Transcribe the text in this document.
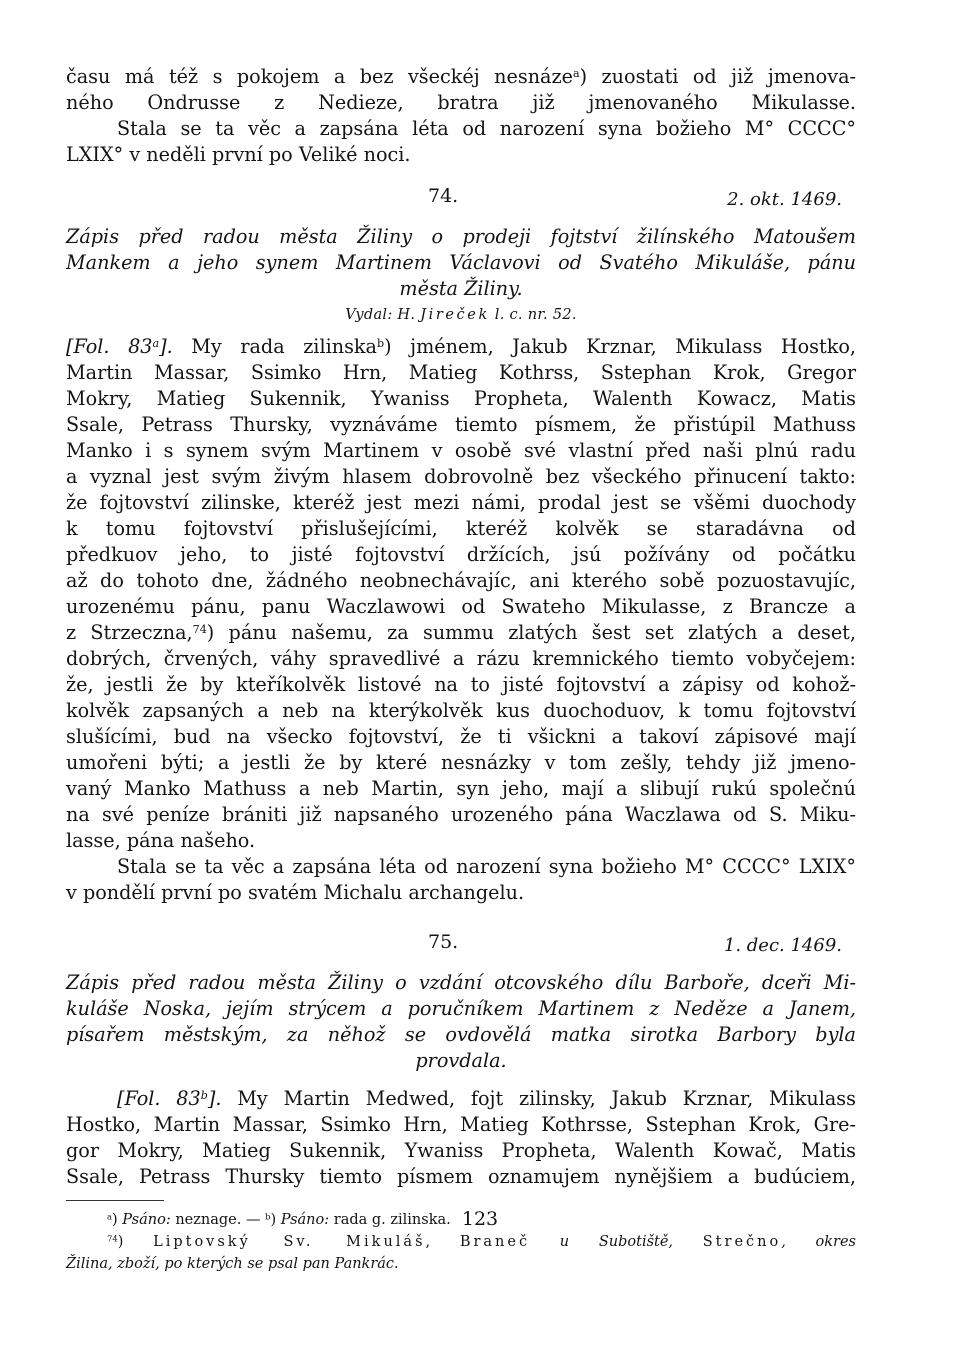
času má též s pokojem a bez všeckéj nesnáze$^a$) zuostati od již jmenova-
ného Ondrusse z Nedieze, bratra již jmenovaného Mikulasse.
Stala se ta věc a zapsána léta od narození syna božieho M° CCCC°
LXIX° v neděli první po Veliké noci.
74.	2. okt. 1469.
Zápis před radou města Žiliny o prodeji fojtství žilínského Matoušem
Mankem a jeho synem Martinem Václavovi od Svatého Mikuláše, pánu
města Žiliny.
Vydal: H. Jireček l. c. nr. 52.
[Fol. 83$^a$]. My rada zilinska$^b$) jménem, Jakub Krznar, Mikulass Hostko,
Martin Massar, Ssimko Hrn, Matieg Kothrss, Sstephan Krok, Gregor
Mokry, Matieg Sukennik, Ywaniss Propheta, Walenth Kowacz, Matis
Ssale, Petrass Thursky, vyznáváme tiemto písmem, že přistúpil Mathuss
Manko i s synem svým Martinem v osobě své vlastní před naši plnú radu
a vyznal jest svým živým hlasem dobrovolně bez všeckého přinucení takto:
že fojtovství zilinske, kteréž jest mezi námi, prodal jest se všěmi duochody
k tomu fojtovství přislušejícími, kteréž kolvěk se staradávna od
předkuov jeho, to jisté fojtovství držících, jsú požívány od počátku
až do tohoto dne, žádného neobnechávajíc, ani kterého sobě pozuostavujíc,
urozenému pánu, panu Waczlawowi od Swateho Mikulasse, z Brancze a
z Strzeczna,$^{74}$) pánu našemu, za summu zlatých šest set zlatých a deset,
dobrých, črvených, váhy spravedlivé a rázu kremnického tiemto vobyčejem:
že, jestli že by kteříkolvěk listové na to jisté fojtovství a zápisy od kohož-
kolvěk zapsaných a neb na kterýkolvěk kus duochoduov, k tomu fojtovství
slušícími, bud na všecko fojtovství, že ti všickni a takoví zápisové mají
umořeni býti; a jestli že by které nesnázky v tom zešly, tehdy již jmeno-
vaný Manko Mathuss a neb Martin, syn jeho, mají a slibují rukú společnú
na své peníze brániti již napsaného urozeného pána Waczlawa od S. Miku-
lasse, pána našeho.
Stala se ta věc a zapsána léta od narození syna božieho M° CCCC° LXIX°
v pondělí první po svatém Michalu archangelu.
75.	1. dec. 1469.
Zápis před radou města Žiliny o vzdání otcovského dílu Barboře, dceři Mi-
kuláše Noska, jejím strýcem a poručníkem Martinem z Neděze a Janem,
písařem městským, za něhož se ovdovělá matka sirotka Barbory byla
provdala.
[Fol. 83$^b$]. My Martin Medwed, fojt zilinsky, Jakub Krznar, Mikulass
Hostko, Martin Massar, Ssimko Hrn, Matieg Kothrsse, Sstephan Krok, Gre-
gor Mokry, Matieg Sukennik, Ywaniss Propheta, Walenth Kowač, Matis
Ssale, Petrass Thursky tiemto písmem oznamujem nynějšiem a budúciem,
$^a$) Psáno: neznage. — $^b$) Psáno: rada g. zilinska.
$^{74}$) Liptovský Sv. Mikuláš, Braneč u Subotiště, Strečno, okres
Žilina, zboží, po kterých se psal pan Pankrác.
123
